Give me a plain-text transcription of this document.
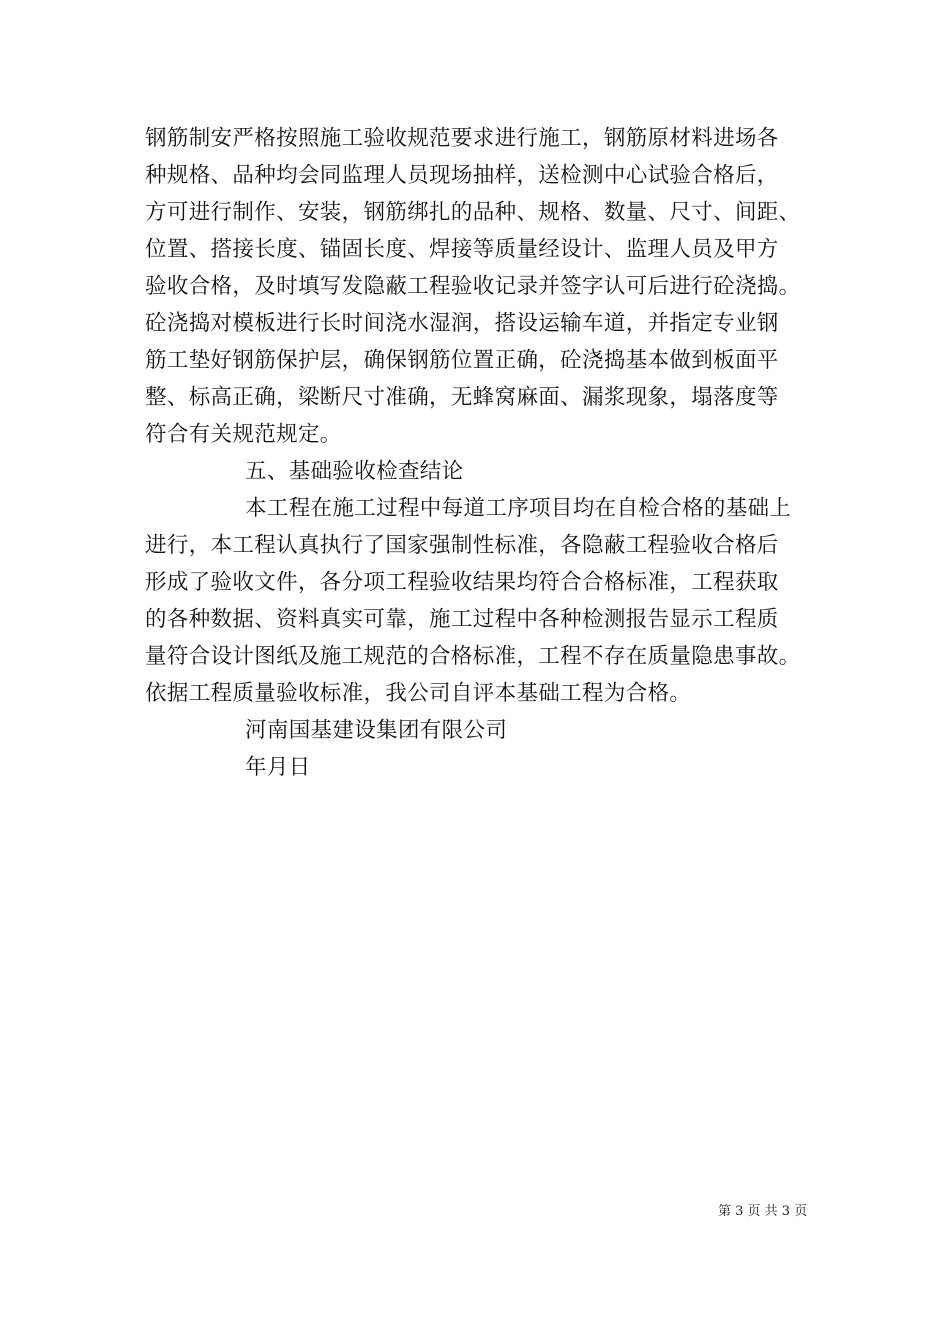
钢筋制安严格按照施工验收规范要求进行施工，钢筋原材料进场各
种规格、品种均会同监理人员现场抽样，送检测中心试验合格后，
方可进行制作、安装，钢筋绑扎的品种、规格、数量、尺寸、间距、
位置、搭接长度、锚固长度、焊接等质量经设计、监理人员及甲方
验收合格，及时填写发隐蔽工程验收记录并签字认可后进行砼浇捣。
砼浇捣对模板进行长时间浇水湿润，搭设运输车道，并指定专业钢
筋工垫好钢筋保护层，确保钢筋位置正确，砼浇捣基本做到板面平
整、标高正确，梁断尺寸准确，无蜂窝麻面、漏浆现象，塌落度等
符合有关规范规定。
五、基础验收检查结论
本工程在施工过程中每道工序项目均在自检合格的基础上
进行，本工程认真执行了国家强制性标准，各隐蔽工程验收合格后
形成了验收文件，各分项工程验收结果均符合合格标准，工程获取
的各种数据、资料真实可靠，施工过程中各种检测报告显示工程质
量符合设计图纸及施工规范的合格标准，工程不存在质量隐患事故。
依据工程质量验收标准，我公司自评本基础工程为合格。
河南国基建设集团有限公司
年月日
第 3 页 共 3 页
